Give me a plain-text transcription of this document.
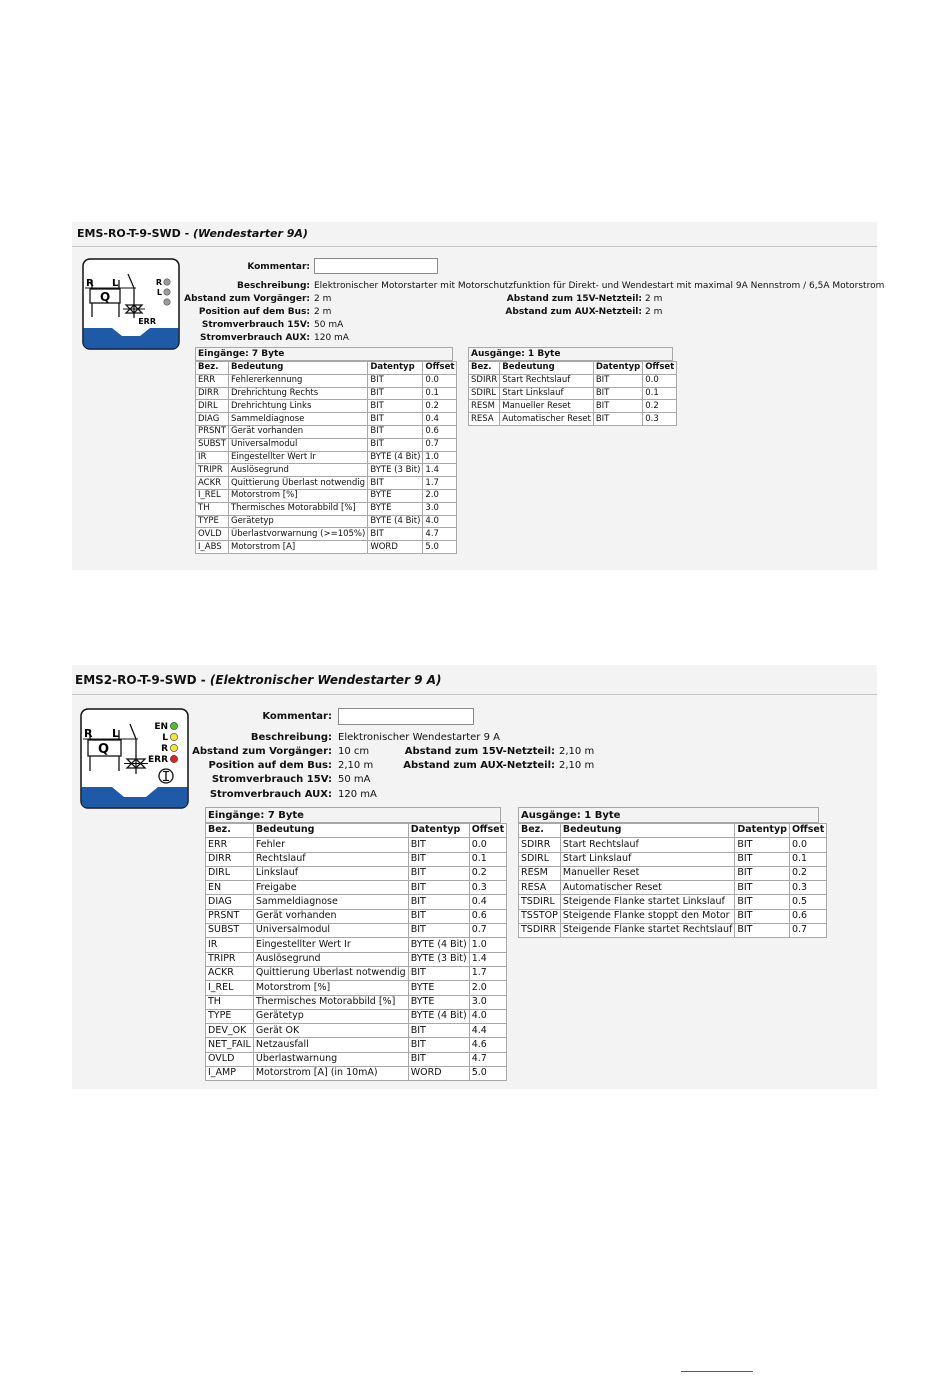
EMS-RO-T-9-SWD - (Wendestarter 9A)
R L
Q
ERR
R
L
Kommentar:
Beschreibung: Elektronischer Motorstarter mit Motorschutzfunktion für Direkt- und Wendestart mit maximal 9A Nennstrom / 6,5A Motorstrom
Abstand zum Vorgänger: 2 m
Position auf dem Bus: 2 m
Stromverbrauch 15V: 50 mA
Stromverbrauch AUX: 120 mA
Abstand zum 15V-Netzteil: 2 m
Abstand zum AUX-Netzteil: 2 m
Eingänge: 7 Byte
Bez.	Bedeutung	Datentyp	Offset
ERR	Fehlererkennung	BIT	0.0
DIRR	Drehrichtung Rechts	BIT	0.1
DIRL	Drehrichtung Links	BIT	0.2
DIAG	Sammeldiagnose	BIT	0.4
PRSNT	Gerät vorhanden	BIT	0.6
SUBST	Universalmodul	BIT	0.7
IR	Eingestellter Wert Ir	BYTE (4 Bit)	1.0
TRIPR	Auslösegrund	BYTE (3 Bit)	1.4
ACKR	Quittierung Überlast notwendig	BIT	1.7
I_REL	Motorstrom [%]	BYTE	2.0
TH	Thermisches Motorabbild [%]	BYTE	3.0
TYPE	Gerätetyp	BYTE (4 Bit)	4.0
OVLD	Überlastvorwarnung (>=105%)	BIT	4.7
I_ABS	Motorstrom [A]	WORD	5.0
Ausgänge: 1 Byte
Bez.	Bedeutung	Datentyp	Offset
SDIRR	Start Rechtslauf	BIT	0.0
SDIRL	Start Linkslauf	BIT	0.1
RESM	Manueller Reset	BIT	0.2
RESA	Automatischer Reset	BIT	0.3
EMS2-RO-T-9-SWD - (Elektronischer Wendestarter 9 A)
R L
Q
EN
L
R
ERR
Kommentar:
Beschreibung: Elektronischer Wendestarter 9 A
Abstand zum Vorgänger: 10 cm
Position auf dem Bus: 2,10 m
Stromverbrauch 15V: 50 mA
Stromverbrauch AUX: 120 mA
Abstand zum 15V-Netzteil: 2,10 m
Abstand zum AUX-Netzteil: 2,10 m
Eingänge: 7 Byte
Bez.	Bedeutung	Datentyp	Offset
ERR	Fehler	BIT	0.0
DIRR	Rechtslauf	BIT	0.1
DIRL	Linkslauf	BIT	0.2
EN	Freigabe	BIT	0.3
DIAG	Sammeldiagnose	BIT	0.4
PRSNT	Gerät vorhanden	BIT	0.6
SUBST	Universalmodul	BIT	0.7
IR	Eingestellter Wert Ir	BYTE (4 Bit)	1.0
TRIPR	Auslösegrund	BYTE (3 Bit)	1.4
ACKR	Quittierung Überlast notwendig	BIT	1.7
I_REL	Motorstrom [%]	BYTE	2.0
TH	Thermisches Motorabbild [%]	BYTE	3.0
TYPE	Gerätetyp	BYTE (4 Bit)	4.0
DEV_OK	Gerät OK	BIT	4.4
NET_FAIL	Netzausfall	BIT	4.6
OVLD	Überlastwarnung	BIT	4.7
I_AMP	Motorstrom [A] (in 10mA)	WORD	5.0
Ausgänge: 1 Byte
Bez.	Bedeutung	Datentyp	Offset
SDIRR	Start Rechtslauf	BIT	0.0
SDIRL	Start Linkslauf	BIT	0.1
RESM	Manueller Reset	BIT	0.2
RESA	Automatischer Reset	BIT	0.3
TSDIRL	Steigende Flanke startet Linkslauf	BIT	0.5
TSSTOP	Steigende Flanke stoppt den Motor	BIT	0.6
TSDIRR	Steigende Flanke startet Rechtslauf	BIT	0.7
